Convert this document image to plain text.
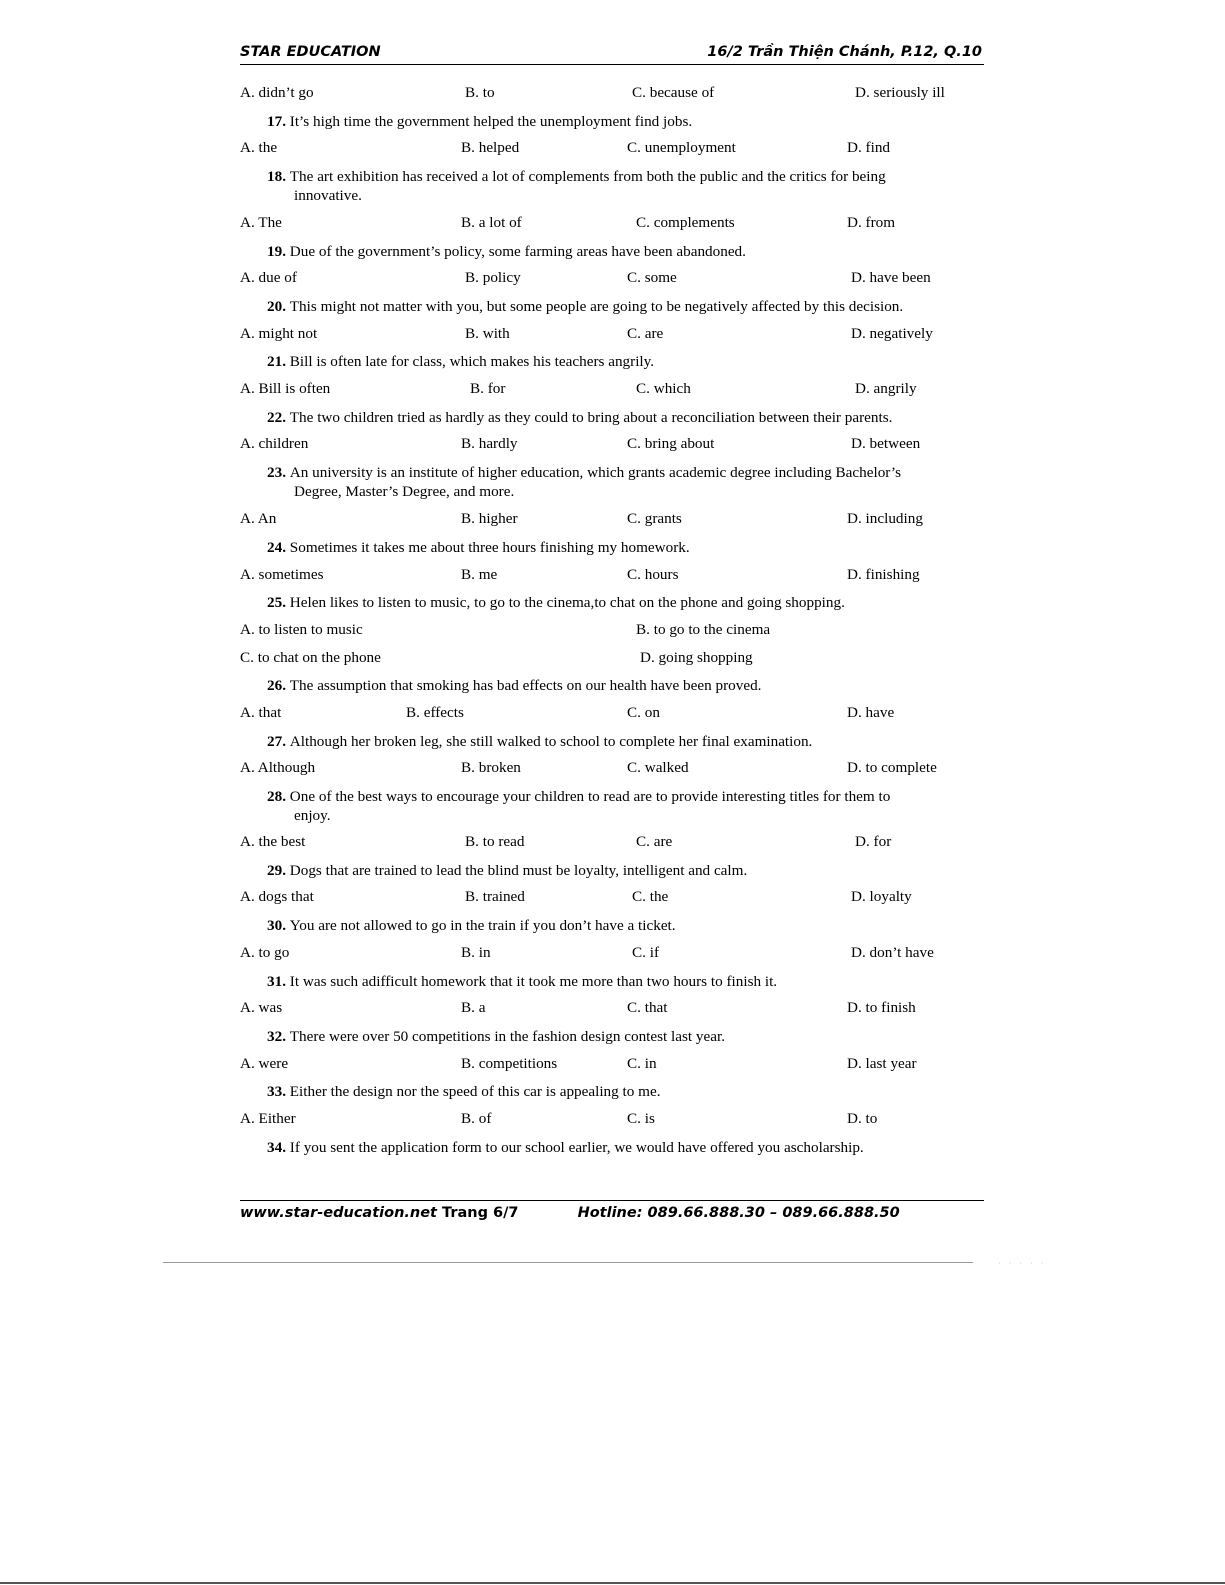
STAR EDUCATION	16/2 Trần Thiện Chánh, P.12, Q.10
A. didn’t go	B. to	C. because of	D. seriously ill
17. It’s high time the government helped the unemployment find jobs.
A. the	B. helped	C. unemployment	D. find
18. The art exhibition has received a lot of complements from both the public and the critics for being
innovative.
A. The	B. a lot of	C. complements	D. from
19. Due of the government’s policy, some farming areas have been abandoned.
A. due of	B. policy	C. some	D. have been
20. This might not matter with you, but some people are going to be negatively affected by this decision.
A. might not	B. with	C. are	D. negatively
21. Bill is often late for class, which makes his teachers angrily.
A. Bill is often	B. for	C. which	D. angrily
22. The two children tried as hardly as they could to bring about a reconciliation between their parents.
A. children	B. hardly	C. bring about	D. between
23. An university is an institute of higher education, which grants academic degree including Bachelor’s
Degree, Master’s Degree, and more.
A. An	B. higher	C. grants	D. including
24. Sometimes it takes me about three hours finishing my homework.
A. sometimes	B. me	C. hours	D. finishing
25. Helen likes to listen to music, to go to the cinema,to chat on the phone and going shopping.
A. to listen to music	B. to go to the cinema
C. to chat on the phone	D. going shopping
26. The assumption that smoking has bad effects on our health have been proved.
A. that	B. effects	C. on	D. have
27. Although her broken leg, she still walked to school to complete her final examination.
A. Although	B. broken	C. walked	D. to complete
28. One of the best ways to encourage your children to read are to provide interesting titles for them to
enjoy.
A. the best	B. to read	C. are	D. for
29. Dogs that are trained to lead the blind must be loyalty, intelligent and calm.
A. dogs that	B. trained	C. the	D. loyalty
30. You are not allowed to go in the train if you don’t have a ticket.
A. to go	B. in	C. if	D. don’t have
31. It was such adifficult homework that it took me more than two hours to finish it.
A. was	B. a	C. that	D. to finish
32. There were over 50 competitions in the fashion design contest last year.
A. were	B. competitions	C. in	D. last year
33. Either the design nor the speed of this car is appealing to me.
A. Either	B. of	C. is	D. to
34. If you sent the application form to our school earlier, we would have offered you ascholarship.
www.star-education.net Trang 6/7	Hotline: 089.66.888.30 – 089.66.888.50
· · · · ·
